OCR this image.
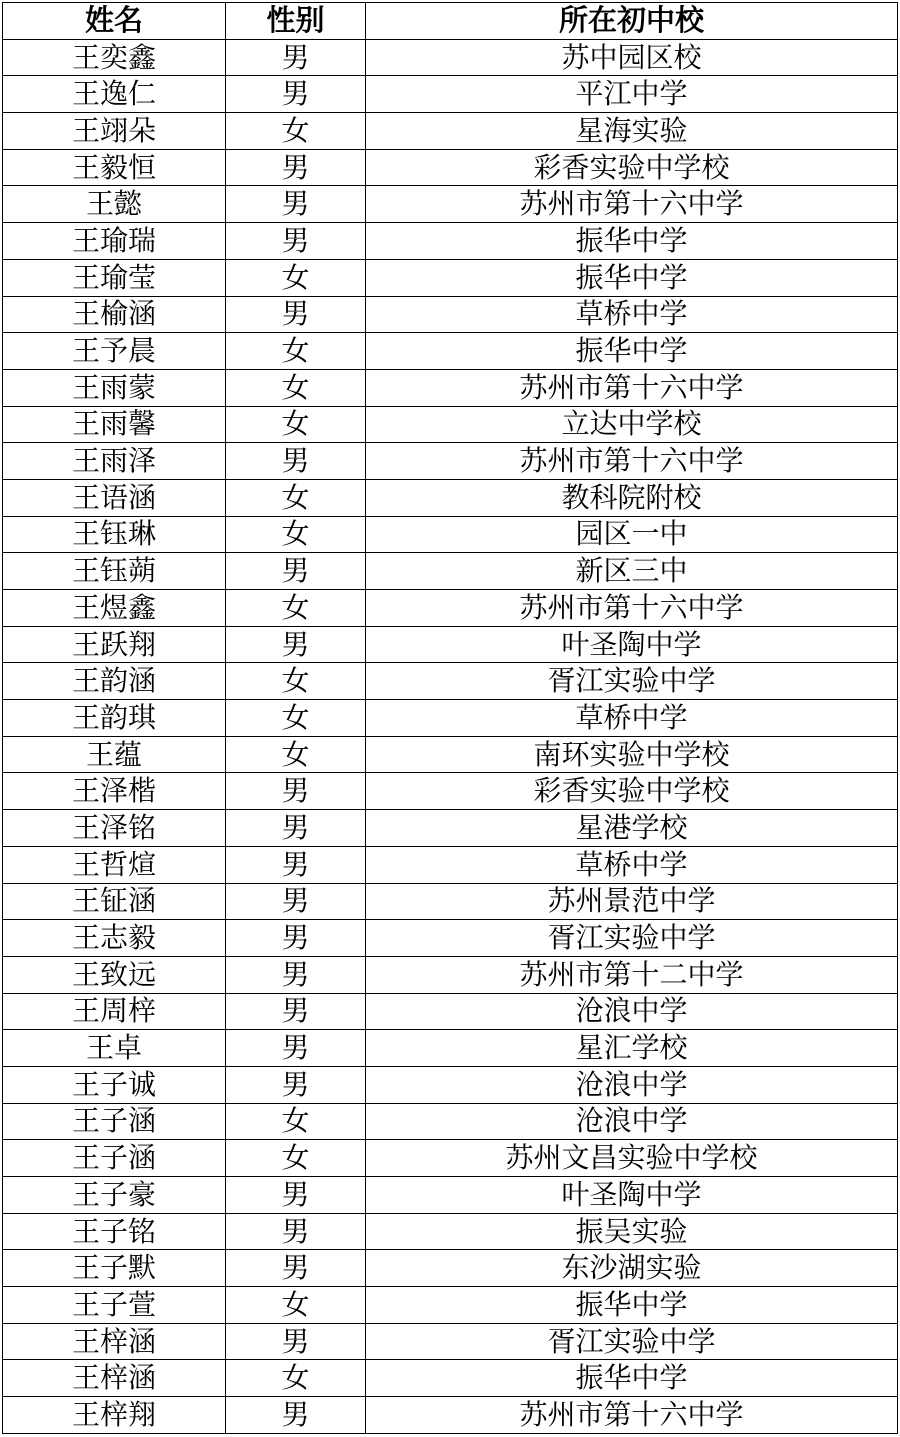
姓名	性别	所在初中校
王奕鑫	男	苏中园区校
王逸仁	男	平江中学
王翊朵	女	星海实验
王毅恒	男	彩香实验中学校
王懿	男	苏州市第十六中学
王瑜瑞	男	振华中学
王瑜莹	女	振华中学
王榆涵	男	草桥中学
王予晨	女	振华中学
王雨蒙	女	苏州市第十六中学
王雨馨	女	立达中学校
王雨泽	男	苏州市第十六中学
王语涵	女	教科院附校
王钰琳	女	园区一中
王钰蒴	男	新区三中
王煜鑫	女	苏州市第十六中学
王跃翔	男	叶圣陶中学
王韵涵	女	胥江实验中学
王韵琪	女	草桥中学
王蕴	女	南环实验中学校
王泽楷	男	彩香实验中学校
王泽铭	男	星港学校
王哲煊	男	草桥中学
王钲涵	男	苏州景范中学
王志毅	男	胥江实验中学
王致远	男	苏州市第十二中学
王周梓	男	沧浪中学
王卓	男	星汇学校
王子诚	男	沧浪中学
王子涵	女	沧浪中学
王子涵	女	苏州文昌实验中学校
王子豪	男	叶圣陶中学
王子铭	男	振吴实验
王子默	男	东沙湖实验
王子萱	女	振华中学
王梓涵	男	胥江实验中学
王梓涵	女	振华中学
王梓翔	男	苏州市第十六中学
